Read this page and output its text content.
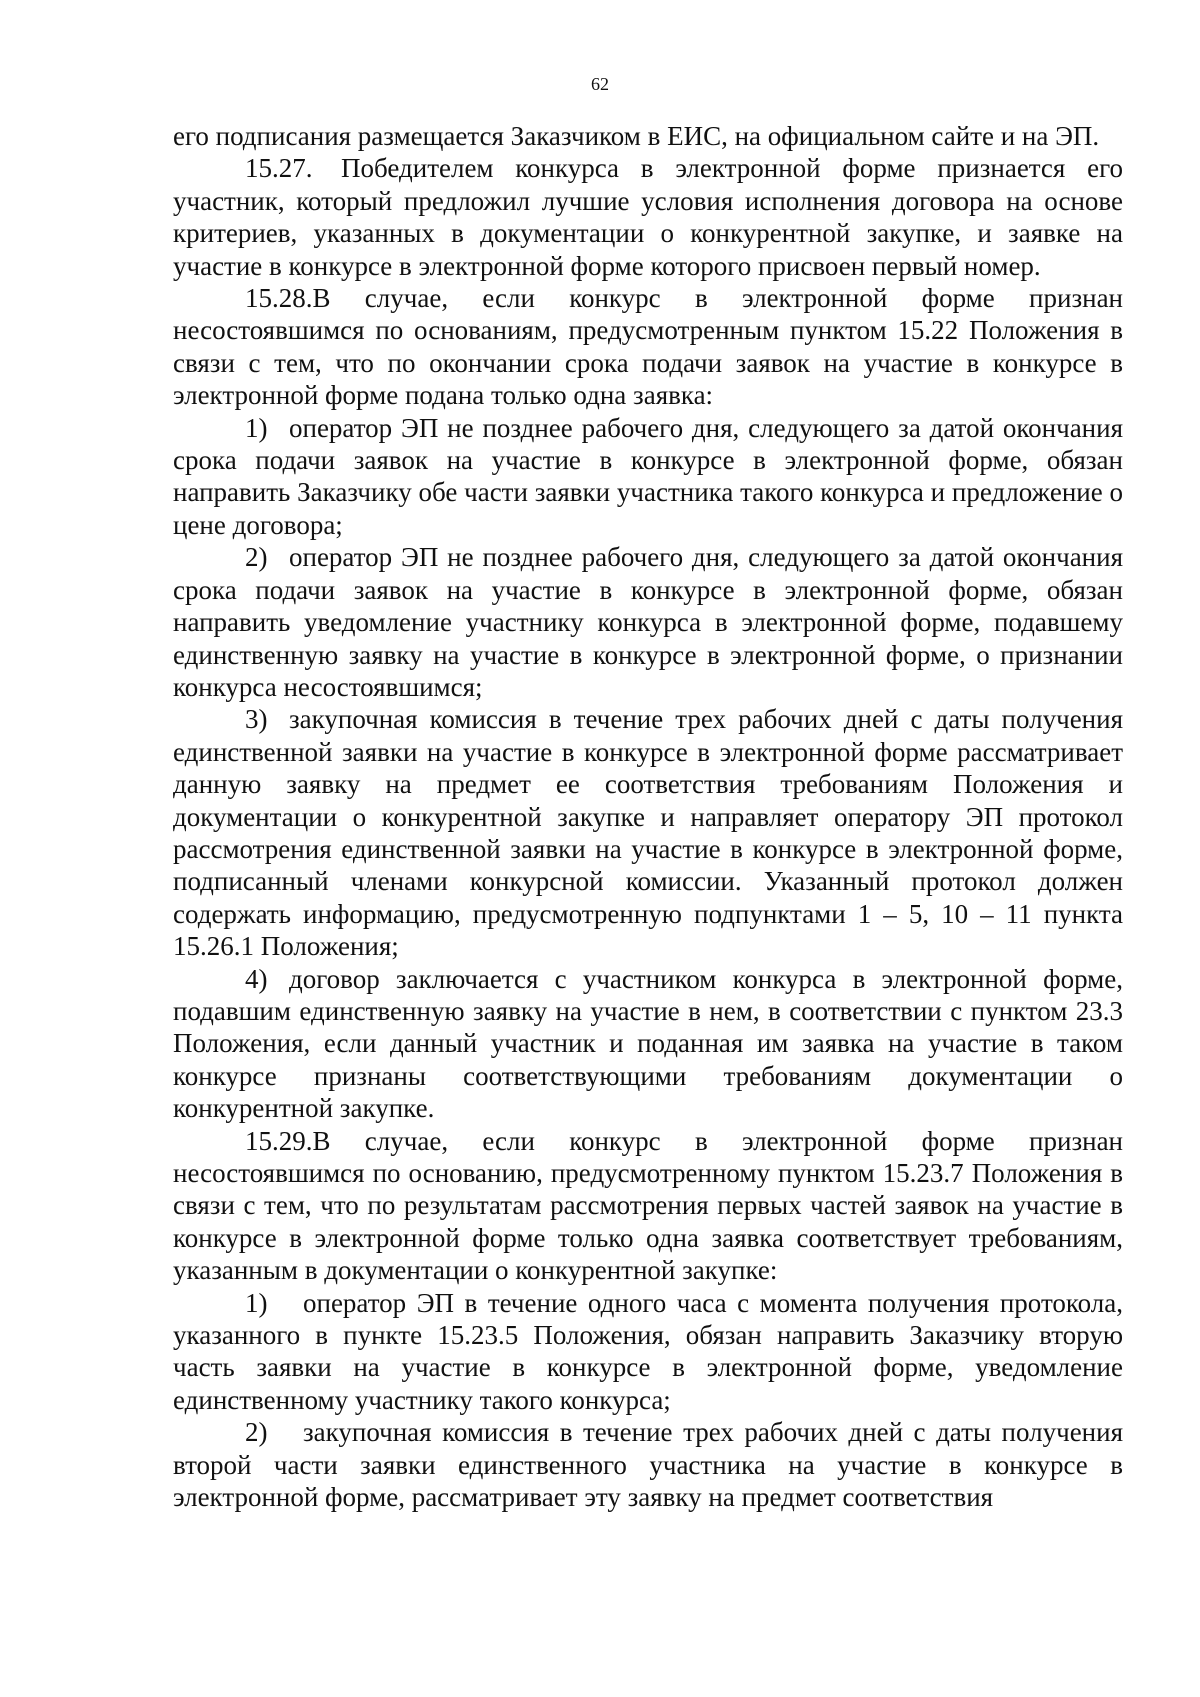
62

его подписания размещается Заказчиком в ЕИС, на официальном сайте и на ЭП.

15.27. Победителем конкурса в электронной форме признается его участник, который предложил лучшие условия исполнения договора на основе критериев, указанных в документации о конкурентной закупке, и заявке на участие в конкурсе в электронной форме которого присвоен первый номер.

15.28.В случае, если конкурс в электронной форме признан несостоявшимся по основаниям, предусмотренным пунктом 15.22 Положения в связи с тем, что по окончании срока подачи заявок на участие в конкурсе в электронной форме подана только одна заявка:

1) оператор ЭП не позднее рабочего дня, следующего за датой окончания срока подачи заявок на участие в конкурсе в электронной форме, обязан направить Заказчику обе части заявки участника такого конкурса и предложение о цене договора;

2) оператор ЭП не позднее рабочего дня, следующего за датой окончания срока подачи заявок на участие в конкурсе в электронной форме, обязан направить уведомление участнику конкурса в электронной форме, подавшему единственную заявку на участие в конкурсе в электронной форме, о признании конкурса несостоявшимся;

3) закупочная комиссия в течение трех рабочих дней с даты получения единственной заявки на участие в конкурсе в электронной форме рассматривает данную заявку на предмет ее соответствия требованиям Положения и документации о конкурентной закупке и направляет оператору ЭП протокол рассмотрения единственной заявки на участие в конкурсе в электронной форме, подписанный членами конкурсной комиссии. Указанный протокол должен содержать информацию, предусмотренную подпунктами 1 – 5, 10 – 11 пункта 15.26.1 Положения;

4) договор заключается с участником конкурса в электронной форме, подавшим единственную заявку на участие в нем, в соответствии с пунктом 23.3 Положения, если данный участник и поданная им заявка на участие в таком конкурсе признаны соответствующими требованиям документации о конкурентной закупке.

15.29.В случае, если конкурс в электронной форме признан несостоявшимся по основанию, предусмотренному пунктом 15.23.7 Положения в связи с тем, что по результатам рассмотрения первых частей заявок на участие в конкурсе в электронной форме только одна заявка соответствует требованиям, указанным в документации о конкурентной закупке:

1) оператор ЭП в течение одного часа с момента получения протокола, указанного в пункте 15.23.5 Положения, обязан направить Заказчику вторую часть заявки на участие в конкурсе в электронной форме, уведомление единственному участнику такого конкурса;

2) закупочная комиссия в течение трех рабочих дней с даты получения второй части заявки единственного участника на участие в конкурсе в электронной форме, рассматривает эту заявку на предмет соответствия
